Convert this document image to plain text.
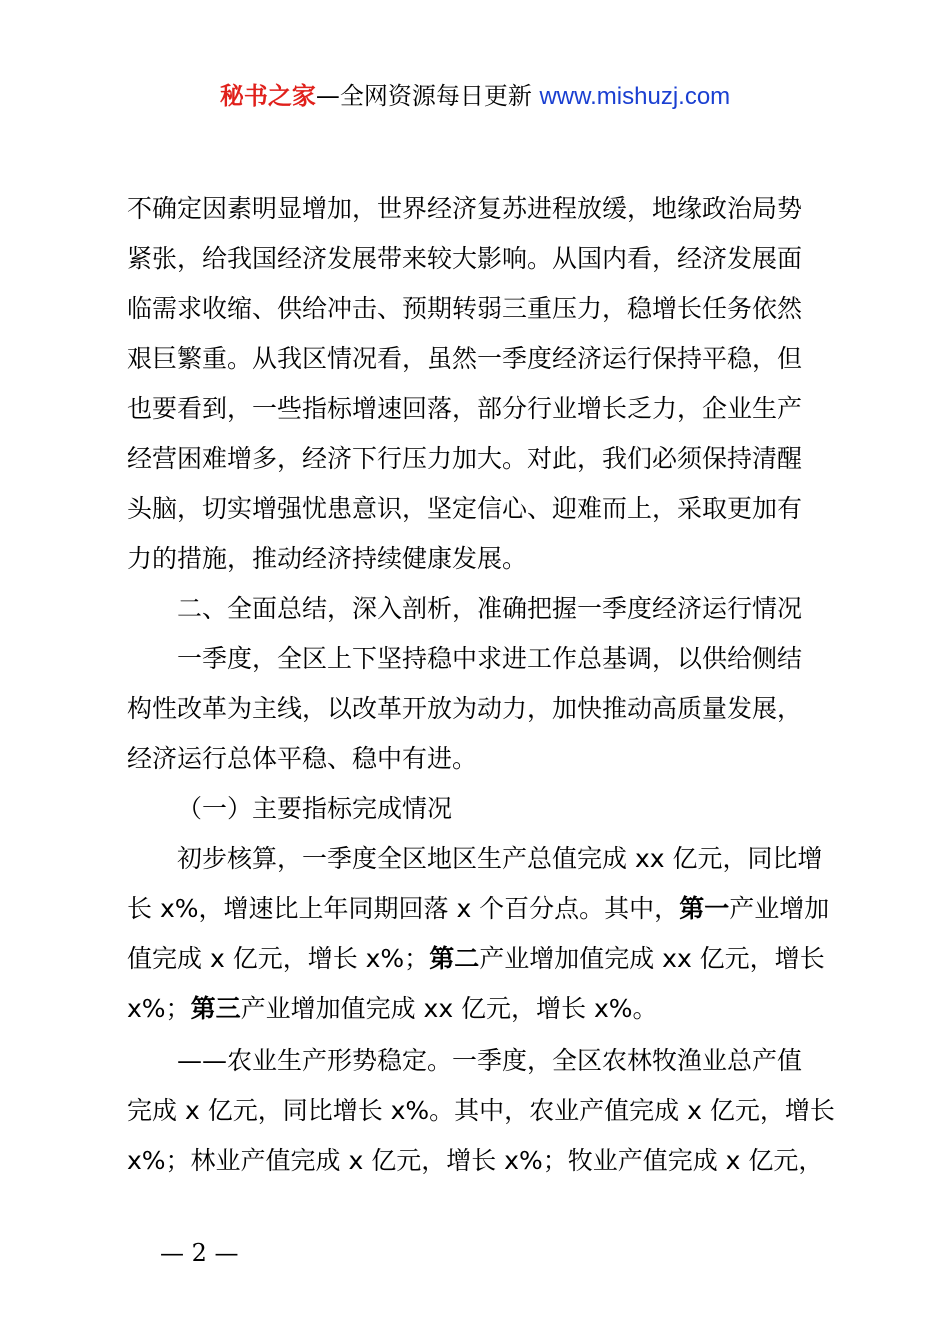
秘书之家—全网资源每日更新 www.mishuzj.com
不确定因素明显增加，世界经济复苏进程放缓，地缘政治局势
紧张，给我国经济发展带来较大影响。从国内看，经济发展面
临需求收缩、供给冲击、预期转弱三重压力，稳增长任务依然
艰巨繁重。从我区情况看，虽然一季度经济运行保持平稳，但
也要看到，一些指标增速回落，部分行业增长乏力，企业生产
经营困难增多，经济下行压力加大。对此，我们必须保持清醒
头脑，切实增强忧患意识，坚定信心、迎难而上，采取更加有
力的措施，推动经济持续健康发展。
二、全面总结，深入剖析，准确把握一季度经济运行情况
一季度，全区上下坚持稳中求进工作总基调，以供给侧结
构性改革为主线，以改革开放为动力，加快推动高质量发展，
经济运行总体平稳、稳中有进。
（一）主要指标完成情况
初步核算，一季度全区地区生产总值完成 xx 亿元，同比增
长 x%，增速比上年同期回落 x 个百分点。其中，第一产业增加
值完成 x 亿元，增长 x%；第二产业增加值完成 xx 亿元，增长
x%；第三产业增加值完成 xx 亿元，增长 x%。
——农业生产形势稳定。一季度，全区农林牧渔业总产值
完成 x 亿元，同比增长 x%。其中，农业产值完成 x 亿元，增长
x%；林业产值完成 x 亿元，增长 x%；牧业产值完成 x 亿元，
— 2 —
